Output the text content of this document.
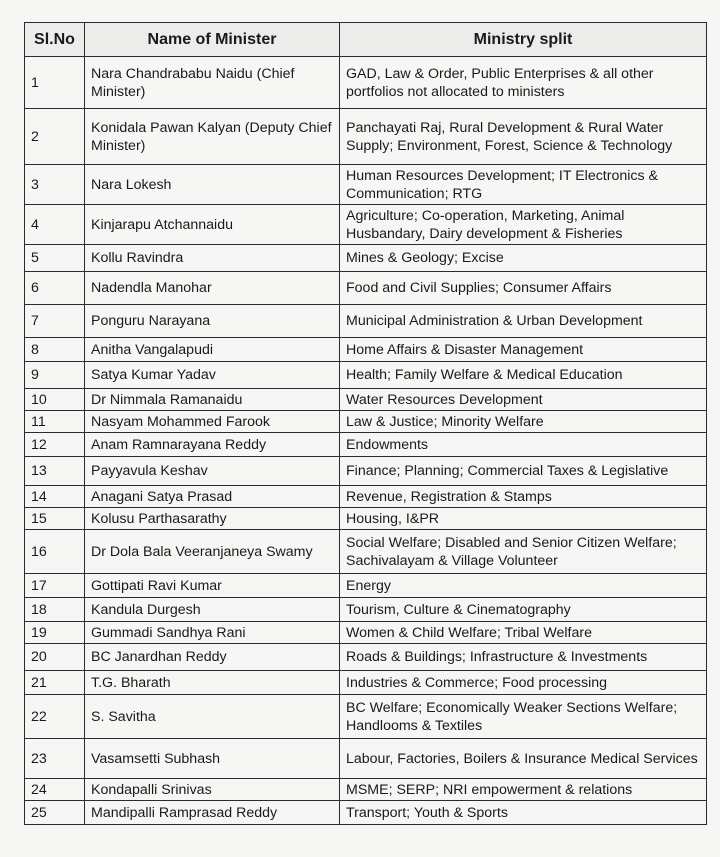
Sl.No	Name of Minister	Ministry split
1	Nara Chandrababu Naidu (Chief Minister)	GAD, Law & Order, Public Enterprises & all other portfolios not allocated to ministers
2	Konidala Pawan Kalyan (Deputy Chief Minister)	Panchayati Raj, Rural Development & Rural Water Supply; Environment, Forest, Science & Technology
3	Nara Lokesh	Human Resources Development; IT Electronics & Communication; RTG
4	Kinjarapu Atchannaidu	Agriculture; Co-operation, Marketing, Animal Husbandary, Dairy development & Fisheries
5	Kollu Ravindra	Mines & Geology; Excise
6	Nadendla Manohar	Food and Civil Supplies; Consumer Affairs
7	Ponguru Narayana	Municipal Administration & Urban Development
8	Anitha Vangalapudi	Home Affairs & Disaster Management
9	Satya Kumar Yadav	Health; Family Welfare & Medical Education
10	Dr Nimmala Ramanaidu	Water Resources Development
11	Nasyam Mohammed Farook	Law & Justice; Minority Welfare
12	Anam Ramnarayana Reddy	Endowments
13	Payyavula Keshav	Finance; Planning; Commercial Taxes & Legislative
14	Anagani Satya Prasad	Revenue, Registration & Stamps
15	Kolusu Parthasarathy	Housing, I&PR
16	Dr Dola Bala Veeranjaneya Swamy	Social Welfare; Disabled and Senior Citizen Welfare; Sachivalayam & Village Volunteer
17	Gottipati Ravi Kumar	Energy
18	Kandula Durgesh	Tourism, Culture & Cinematography
19	Gummadi Sandhya Rani	Women & Child Welfare; Tribal Welfare
20	BC Janardhan Reddy	Roads & Buildings; Infrastructure & Investments
21	T.G. Bharath	Industries & Commerce; Food processing
22	S. Savitha	BC Welfare; Economically Weaker Sections Welfare; Handlooms & Textiles
23	Vasamsetti Subhash	Labour, Factories, Boilers & Insurance Medical Services
24	Kondapalli Srinivas	MSME; SERP; NRI empowerment & relations
25	Mandipalli Ramprasad Reddy	Transport; Youth & Sports
